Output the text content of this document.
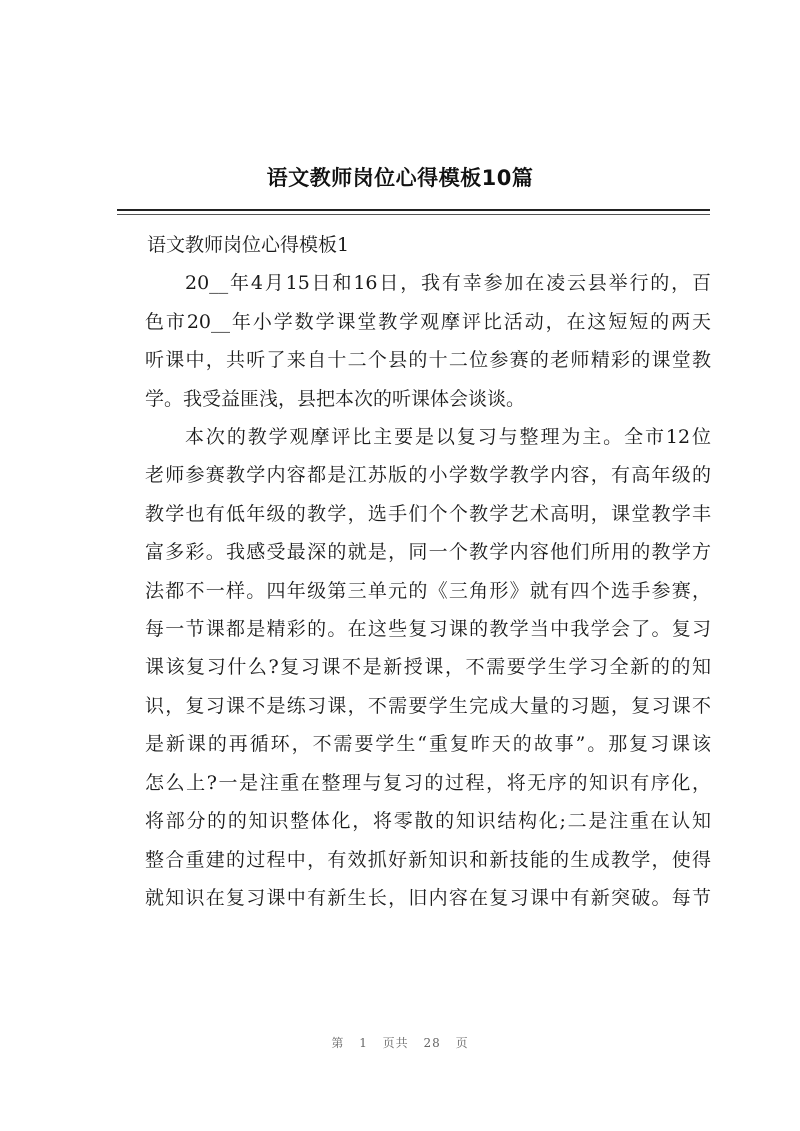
语文教师岗位心得模板10篇

语文教师岗位心得模板1

20__年4月15日和16日，我有幸参加在凌云县举行的，百
色市20__年小学数学课堂教学观摩评比活动，在这短短的两天
听课中，共听了来自十二个县的十二位参赛的老师精彩的课堂教
学。我受益匪浅，县把本次的听课体会谈谈。

本次的教学观摩评比主要是以复习与整理为主。全市12位
老师参赛教学内容都是江苏版的小学数学教学内容，有高年级的
教学也有低年级的教学，选手们个个教学艺术高明，课堂教学丰
富多彩。我感受最深的就是，同一个教学内容他们所用的教学方
法都不一样。四年级第三单元的《三角形》就有四个选手参赛，
每一节课都是精彩的。在这些复习课的教学当中我学会了。复习
课该复习什么?复习课不是新授课，不需要学生学习全新的的知
识，复习课不是练习课，不需要学生完成大量的习题，复习课不
是新课的再循环，不需要学生“重复昨天的故事”。那复习课该
怎么上?一是注重在整理与复习的过程，将无序的知识有序化，
将部分的的知识整体化，将零散的知识结构化;二是注重在认知
整合重建的过程中，有效抓好新知识和新技能的生成教学，使得
就知识在复习课中有新生长，旧内容在复习课中有新突破。每节

第 1 页共 28 页
